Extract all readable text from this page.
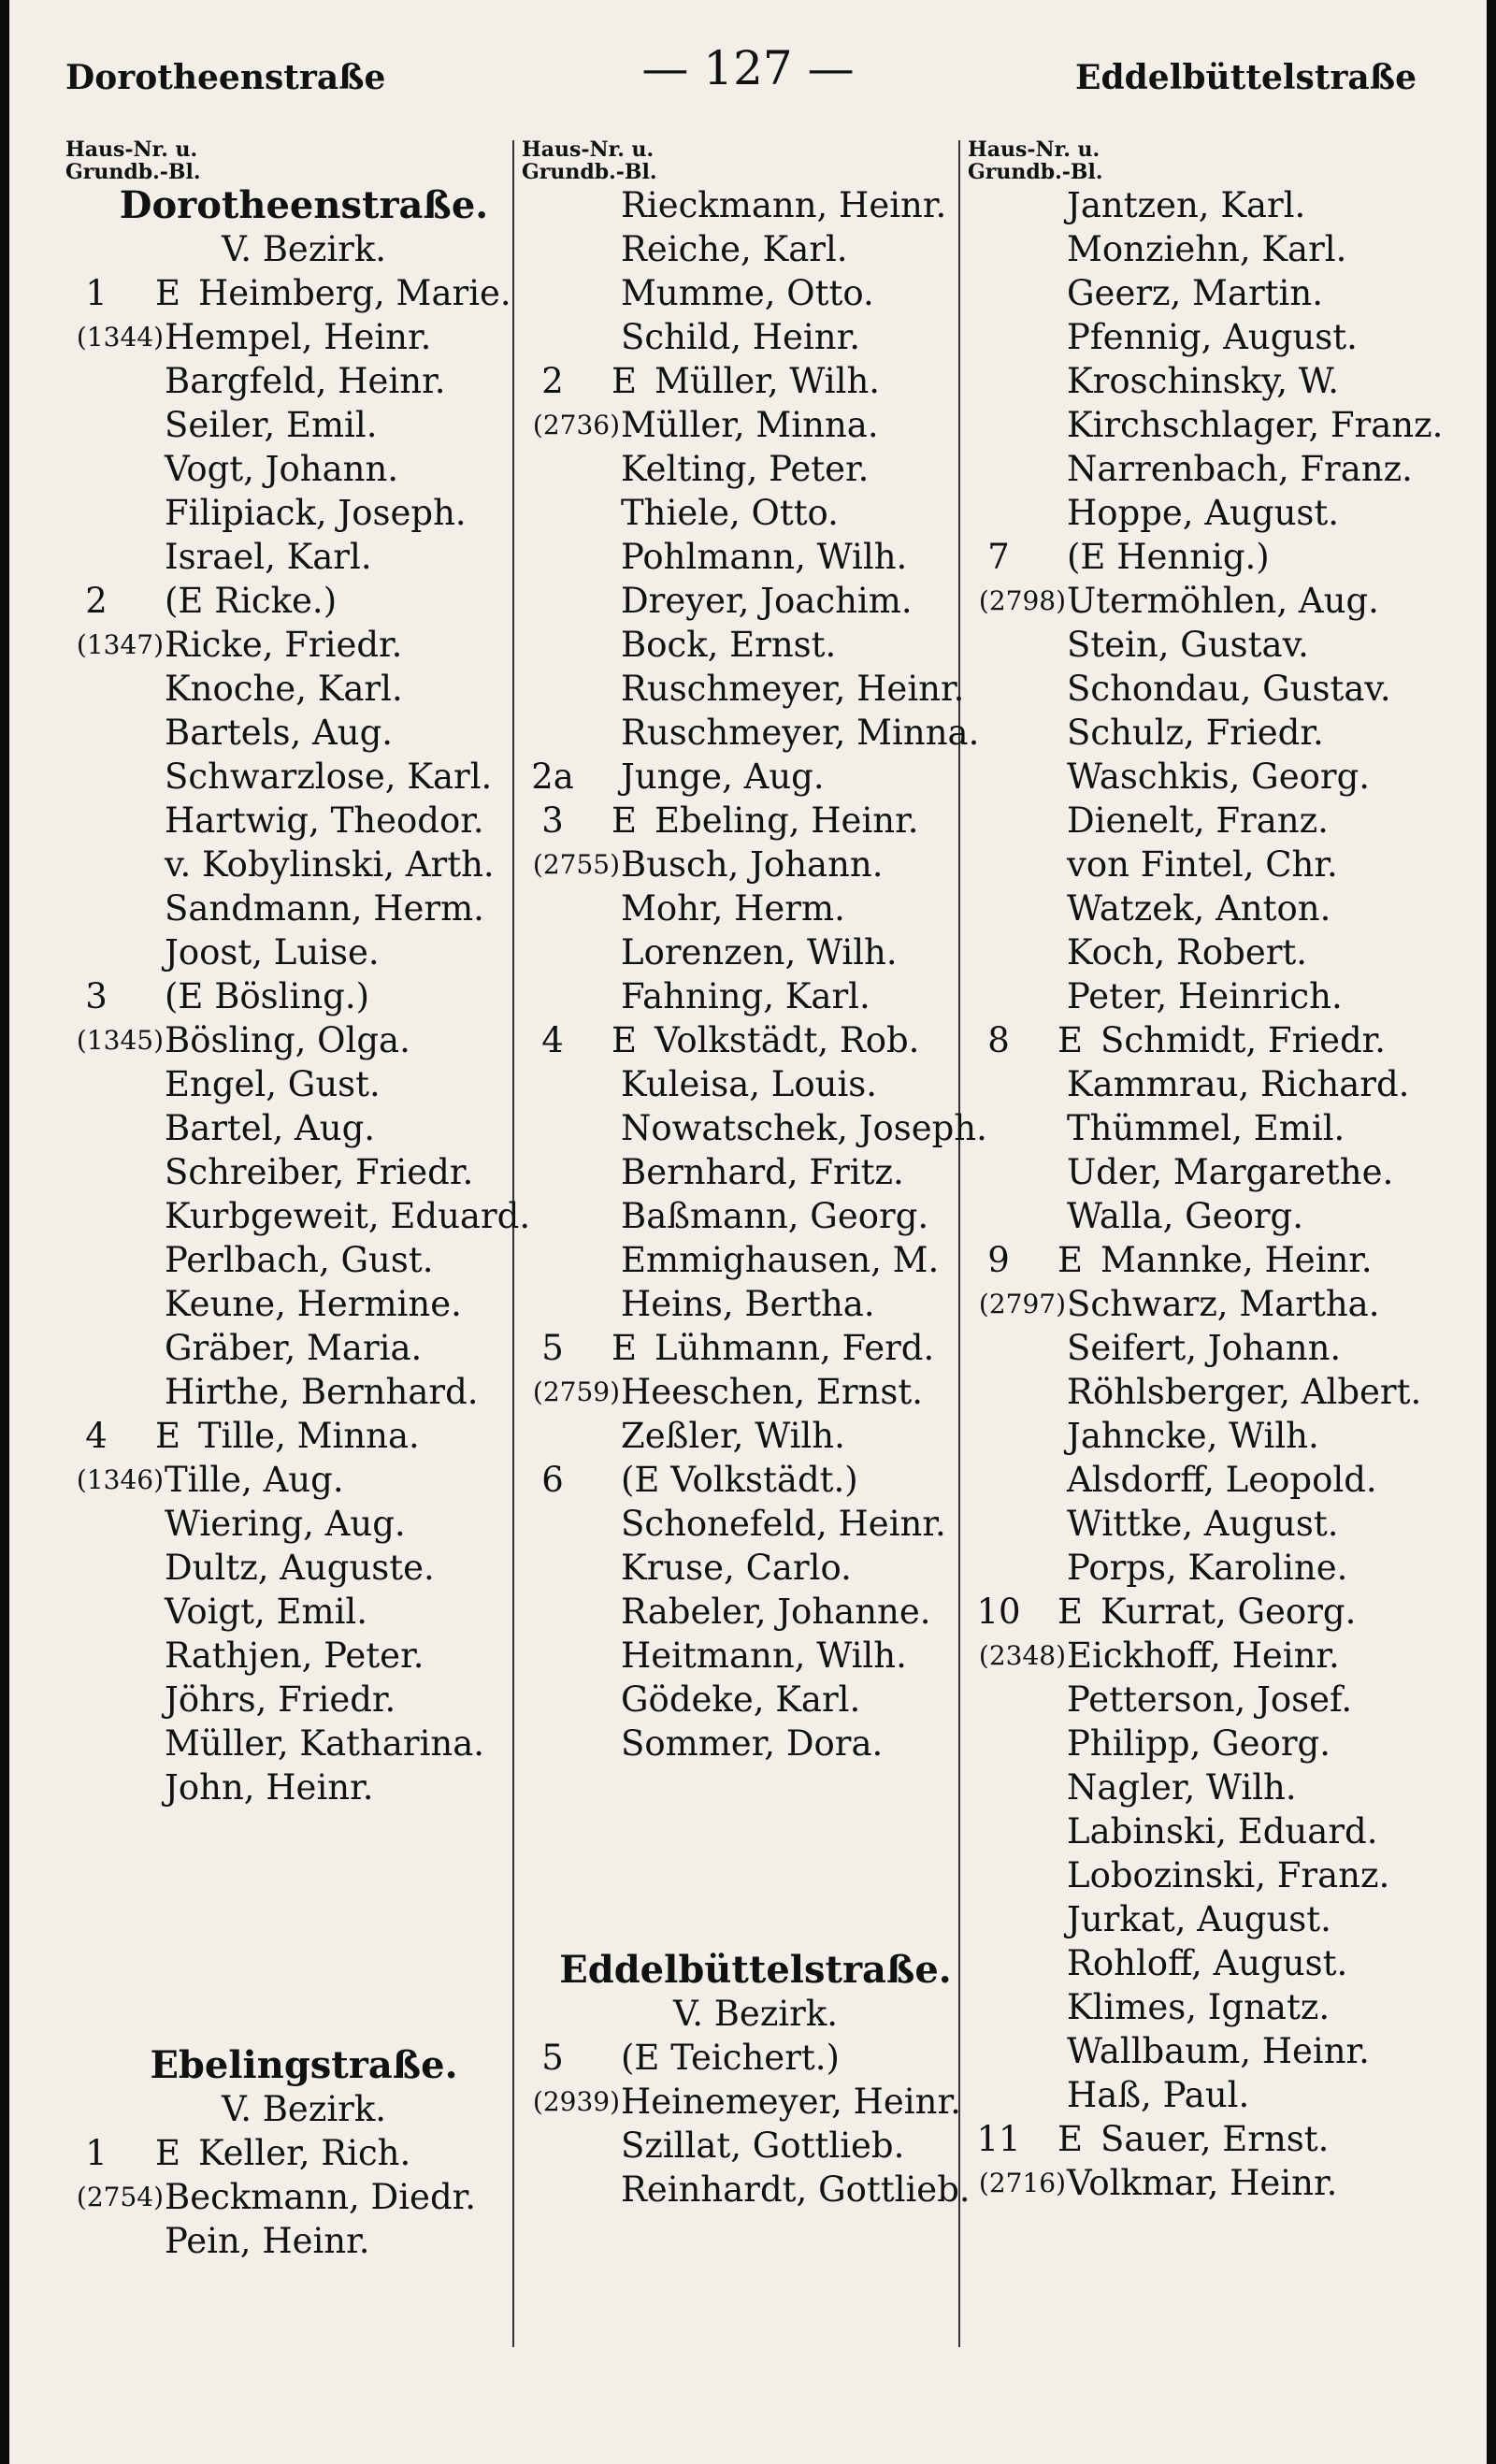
Dorotheenstraße	— 127 —	Eddelbüttelstraße
Haus-Nr. u.
Grundb.-Bl.
Dorotheenstraße.
V. Bezirk.
1	E Heimberg, Marie.
(1344) Hempel, Heinr.
Bargfeld, Heinr.
Seiler, Emil.
Vogt, Johann.
Filipiack, Joseph.
Israel, Karl.
2	(E Ricke.)
(1347) Ricke, Friedr.
Knoche, Karl.
Bartels, Aug.
Schwarzlose, Karl.
Hartwig, Theodor.
v. Kobylinski, Arth.
Sandmann, Herm.
Joost, Luise.
3	(E Bösling.)
(1345) Bösling, Olga.
Engel, Gust.
Bartel, Aug.
Schreiber, Friedr.
Kurbgeweit, Eduard.
Perlbach, Gust.
Keune, Hermine.
Gräber, Maria.
Hirthe, Bernhard.
4	E Tille, Minna.
(1346) Tille, Aug.
Wiering, Aug.
Dultz, Auguste.
Voigt, Emil.
Rathjen, Peter.
Jöhrs, Friedr.
Müller, Katharina.
John, Heinr.
Ebelingstraße.
V. Bezirk.
1	E Keller, Rich.
(2754) Beckmann, Diedr.
Pein, Heinr.
Haus-Nr. u.
Grundb.-Bl.
Rieckmann, Heinr.
Reiche, Karl.
Mumme, Otto.
Schild, Heinr.
2	E Müller, Wilh.
(2736) Müller, Minna.
Kelting, Peter.
Thiele, Otto.
Pohlmann, Wilh.
Dreyer, Joachim.
Bock, Ernst.
Ruschmeyer, Heinr.
Ruschmeyer, Minna.
2a Junge, Aug.
3	E Ebeling, Heinr.
(2755) Busch, Johann.
Mohr, Herm.
Lorenzen, Wilh.
Fahning, Karl.
4	E Volkstädt, Rob.
Kuleisa, Louis.
Nowatschek, Joseph.
Bernhard, Fritz.
Baßmann, Georg.
Emmighausen, M.
Heins, Bertha.
5	E Lühmann, Ferd.
(2759) Heeschen, Ernst.
Zeßler, Wilh.
6	(E Volkstädt.)
Schonefeld, Heinr.
Kruse, Carlo.
Rabeler, Johanne.
Heitmann, Wilh.
Gödeke, Karl.
Sommer, Dora.
Eddelbüttelstraße.
V. Bezirk.
5	(E Teichert.)
(2939) Heinemeyer, Heinr.
Szillat, Gottlieb.
Reinhardt, Gottlieb.
Haus-Nr. u.
Grundb.-Bl.
Jantzen, Karl.
Monziehn, Karl.
Geerz, Martin.
Pfennig, August.
Kroschinsky, W.
Kirchschlager, Franz.
Narrenbach, Franz.
Hoppe, August.
7	(E Hennig.)
(2798) Utermöhlen, Aug.
Stein, Gustav.
Schondau, Gustav.
Schulz, Friedr.
Waschkis, Georg.
Dienelt, Franz.
von Fintel, Chr.
Watzek, Anton.
Koch, Robert.
Peter, Heinrich.
8	E Schmidt, Friedr.
Kammrau, Richard.
Thümmel, Emil.
Uder, Margarethe.
Walla, Georg.
9	E Mannke, Heinr.
(2797) Schwarz, Martha.
Seifert, Johann.
Röhlsberger, Albert.
Jahncke, Wilh.
Alsdorff, Leopold.
Wittke, August.
Porps, Karoline.
10 E Kurrat, Georg.
(2348) Eickhoff, Heinr.
Petterson, Josef.
Philipp, Georg.
Nagler, Wilh.
Labinski, Eduard.
Lobozinski, Franz.
Jurkat, August.
Rohloff, August.
Klimes, Ignatz.
Wallbaum, Heinr.
Haß, Paul.
11 E Sauer, Ernst.
(2716) Volkmar, Heinr.
